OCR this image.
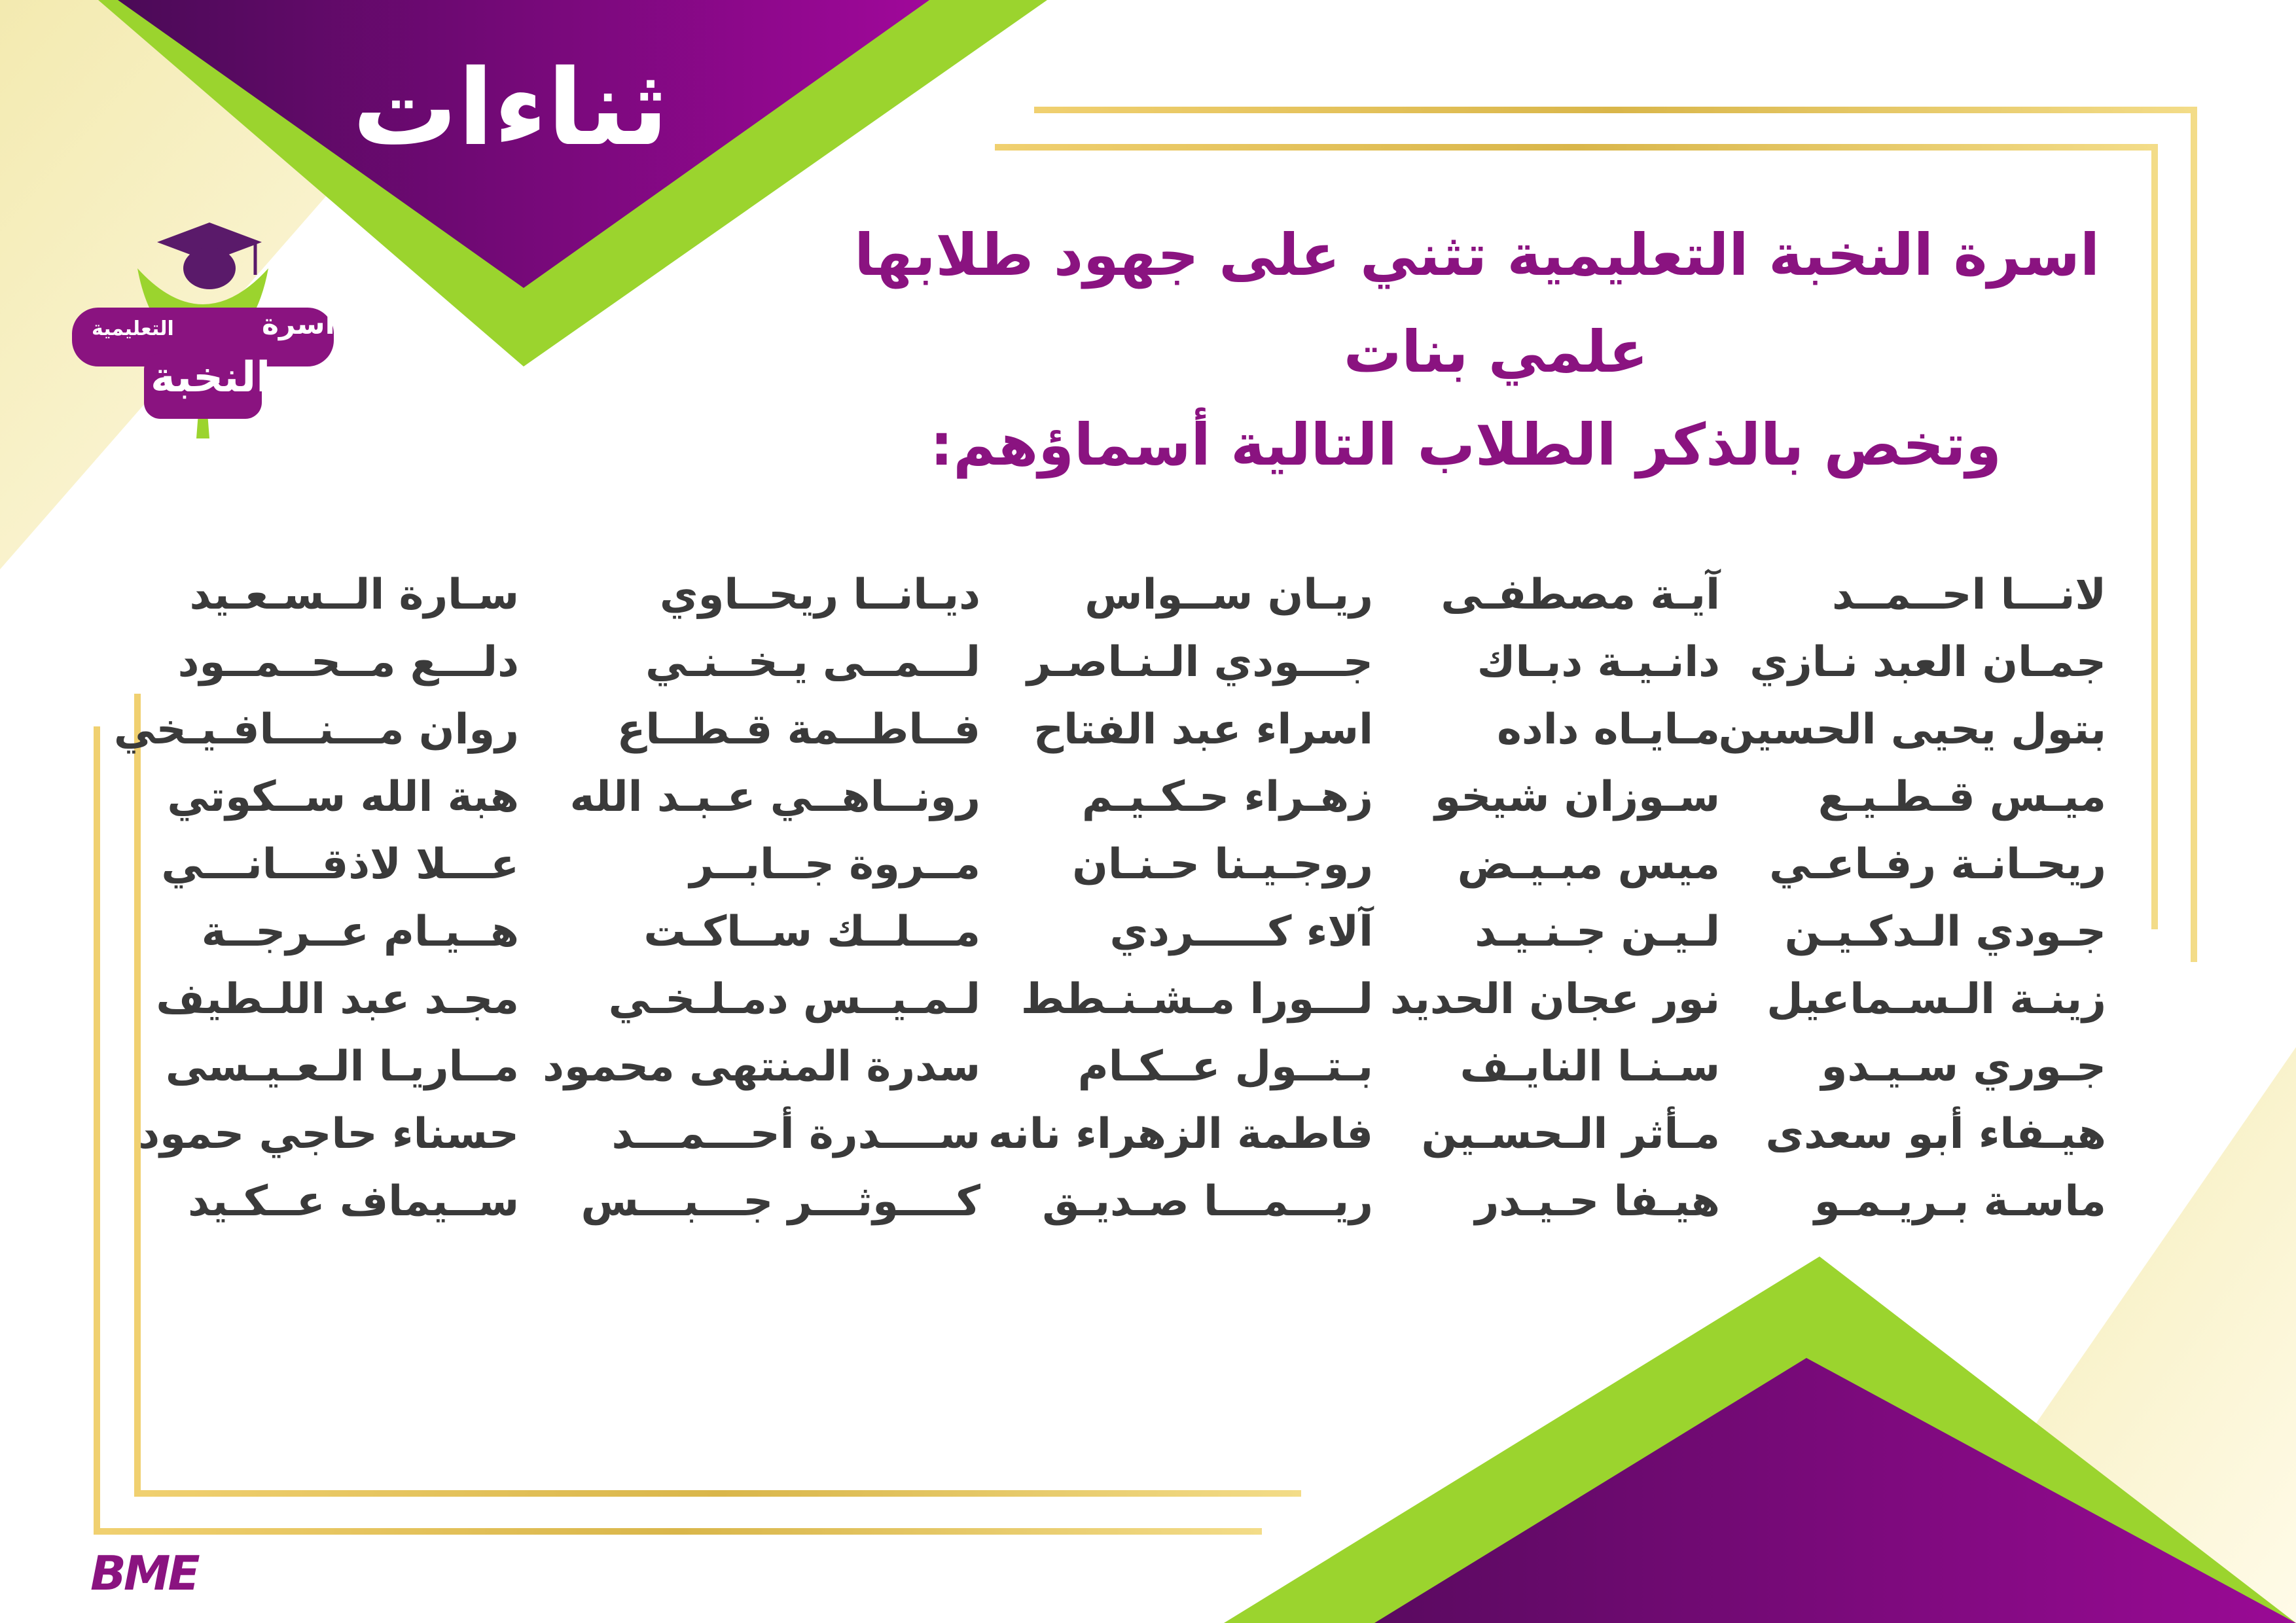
ثناءات
أسرة
التعليمية
النخبة
اسرة النخبة التعليمية تثني على جهود طلابها
علمي بنات
وتخص بالذكر الطلاب التالية أسماؤهم:
لانـــا احــمــد
جمـان العبد نـازي
بتول يحيى الحسين
ميـس قـطـيـع
ريحـانـة رفـاعـي
جـودي الـدكـيـن
زينـة الـسـماعيل
جـوري سـيـدو
هيـفاء أبو سعدى
ماسـة بـريـمـو
آيـة مصطفـى
دانـيـة دبـاك
مـايـاه داده
سـوزان شيخو
ميس مبـيـض
لـيـن جـنـيـد
نور عجان الحديد
سـنـا النايـف
مـأثر الـحسـين
هيـفا حـيـدر
ريـان ســواس
جـــودي الـنـاصـر
اسراء عبد الفتاح
زهـراء حـكـيـم
روجـيـنا حـنـان
آلاء كـــــردي
لـــورا مـشـنـطط
بـتــول عــكـام
فاطمة الزهراء نانه
ريـــمـــا صـديـق
ديـانــا ريحــاوي
لـــمــى يـخــنـي
فــاطــمة قـطــاع
رونــاهــي عـبـد الله
مــروة جــابــر
مـــلــك ســاكـت
لـمـيــس دمـلـخـي
سدرة المنتهى محمود
ســــدرة أحـــمـــد
كــــوثـــر جـــبـــس
سـارة الــسـعـيد
دلـــع مــحــمــود
روان مـــنـــافـيـخي
هبة الله ســكوتي
عـــلا لاذقـــانـــي
هــيـام عــرجــة
مجـد عبد اللـطيف
مــاريـا الـعـيـسى
حسناء حاجي حمود
ســيماف عــكـيد
BME
